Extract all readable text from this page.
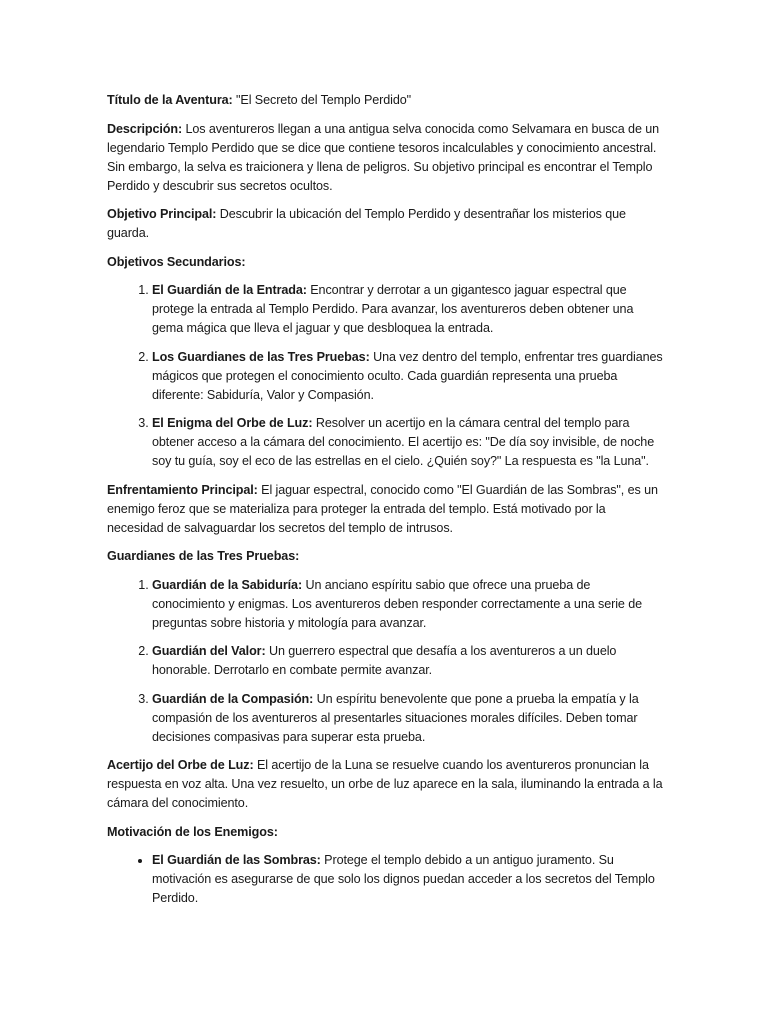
Título de la Aventura: "El Secreto del Templo Perdido"

Descripción: Los aventureros llegan a una antigua selva conocida como Selvamara en busca de un legendario Templo Perdido que se dice que contiene tesoros incalculables y conocimiento ancestral. Sin embargo, la selva es traicionera y llena de peligros. Su objetivo principal es encontrar el Templo Perdido y descubrir sus secretos ocultos.

Objetivo Principal: Descubrir la ubicación del Templo Perdido y desentrañar los misterios que guarda.

Objetivos Secundarios:

1. El Guardián de la Entrada: Encontrar y derrotar a un gigantesco jaguar espectral que protege la entrada al Templo Perdido. Para avanzar, los aventureros deben obtener una gema mágica que lleva el jaguar y que desbloquea la entrada.
2. Los Guardianes de las Tres Pruebas: Una vez dentro del templo, enfrentar tres guardianes mágicos que protegen el conocimiento oculto. Cada guardián representa una prueba diferente: Sabiduría, Valor y Compasión.
3. El Enigma del Orbe de Luz: Resolver un acertijo en la cámara central del templo para obtener acceso a la cámara del conocimiento. El acertijo es: "De día soy invisible, de noche soy tu guía, soy el eco de las estrellas en el cielo. ¿Quién soy?" La respuesta es "la Luna".

Enfrentamiento Principal: El jaguar espectral, conocido como "El Guardián de las Sombras", es un enemigo feroz que se materializa para proteger la entrada del templo. Está motivado por la necesidad de salvaguardar los secretos del templo de intrusos.

Guardianes de las Tres Pruebas:

1. Guardián de la Sabiduría: Un anciano espíritu sabio que ofrece una prueba de conocimiento y enigmas. Los aventureros deben responder correctamente a una serie de preguntas sobre historia y mitología para avanzar.
2. Guardián del Valor: Un guerrero espectral que desafía a los aventureros a un duelo honorable. Derrotarlo en combate permite avanzar.
3. Guardián de la Compasión: Un espíritu benevolente que pone a prueba la empatía y la compasión de los aventureros al presentarles situaciones morales difíciles. Deben tomar decisiones compasivas para superar esta prueba.

Acertijo del Orbe de Luz: El acertijo de la Luna se resuelve cuando los aventureros pronuncian la respuesta en voz alta. Una vez resuelto, un orbe de luz aparece en la sala, iluminando la entrada a la cámara del conocimiento.

Motivación de los Enemigos:

• El Guardián de las Sombras: Protege el templo debido a un antiguo juramento. Su motivación es asegurarse de que solo los dignos puedan acceder a los secretos del Templo Perdido.
